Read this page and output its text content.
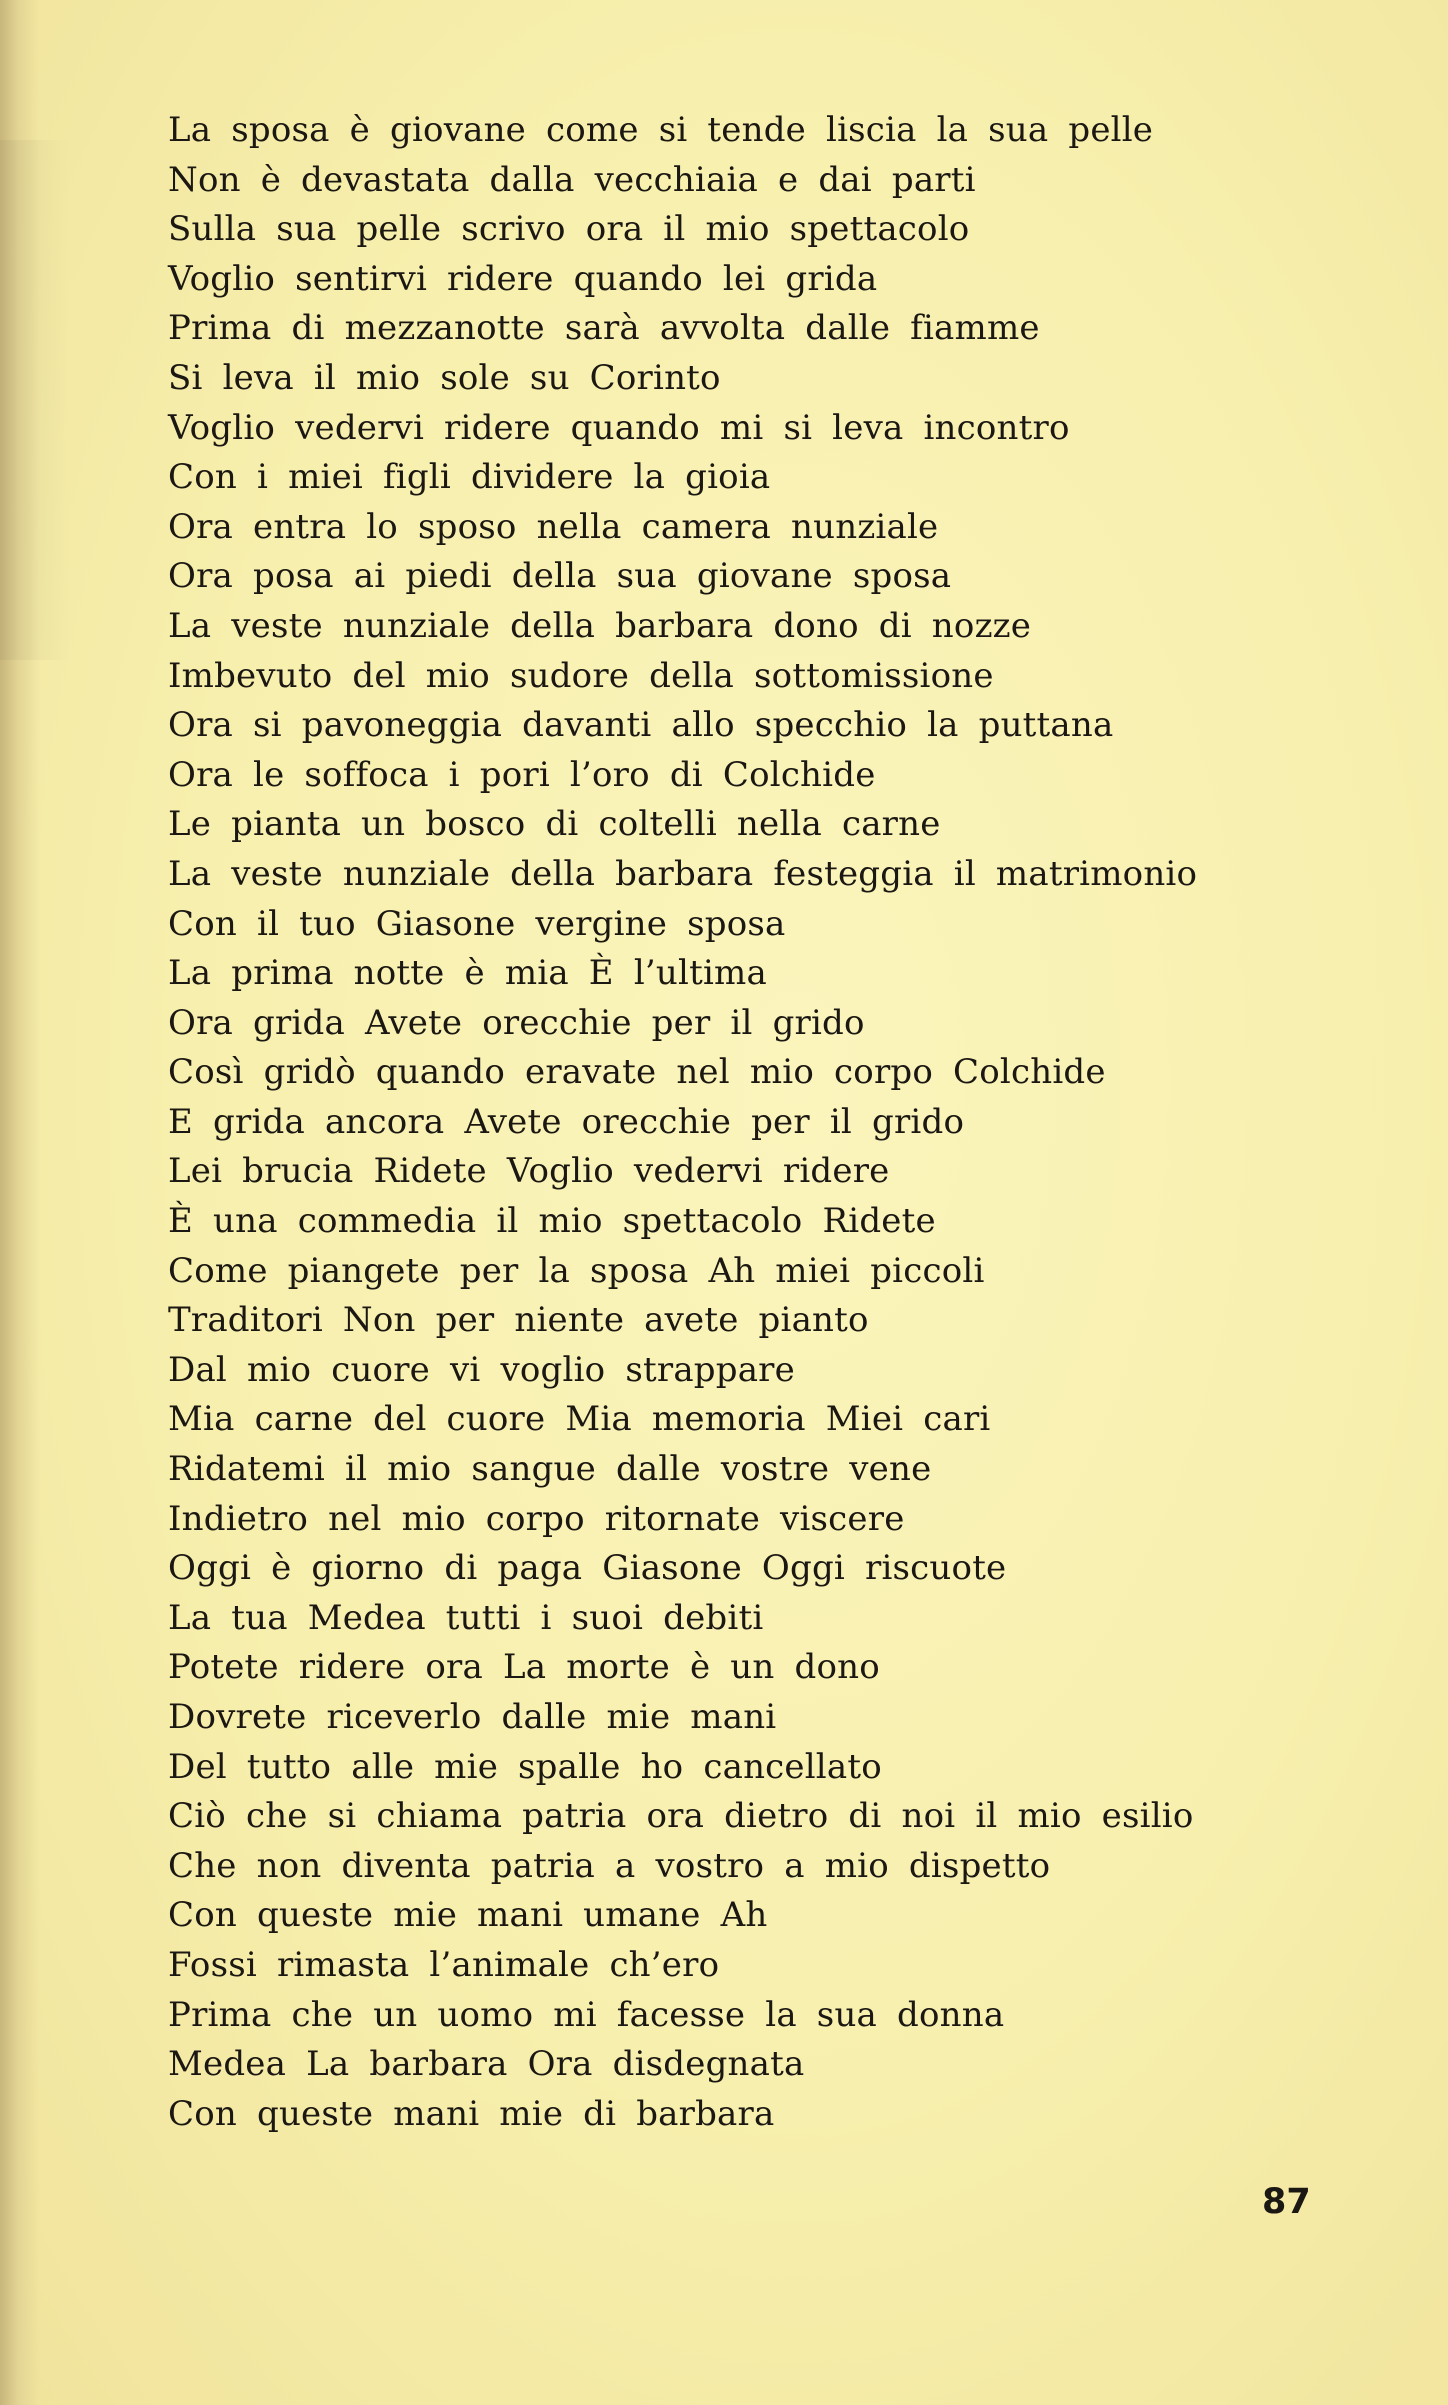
La sposa è giovane come si tende liscia la sua pelle
Non è devastata dalla vecchiaia e dai parti
Sulla sua pelle scrivo ora il mio spettacolo
Voglio sentirvi ridere quando lei grida
Prima di mezzanotte sarà avvolta dalle fiamme
Si leva il mio sole su Corinto
Voglio vedervi ridere quando mi si leva incontro
Con i miei figli dividere la gioia
Ora entra lo sposo nella camera nunziale
Ora posa ai piedi della sua giovane sposa
La veste nunziale della barbara dono di nozze
Imbevuto del mio sudore della sottomissione
Ora si pavoneggia davanti allo specchio la puttana
Ora le soffoca i pori l’oro di Colchide
Le pianta un bosco di coltelli nella carne
La veste nunziale della barbara festeggia il matrimonio
Con il tuo Giasone vergine sposa
La prima notte è mia È l’ultima
Ora grida Avete orecchie per il grido
Così gridò quando eravate nel mio corpo Colchide
E grida ancora Avete orecchie per il grido
Lei brucia Ridete Voglio vedervi ridere
È una commedia il mio spettacolo Ridete
Come piangete per la sposa Ah miei piccoli
Traditori Non per niente avete pianto
Dal mio cuore vi voglio strappare
Mia carne del cuore Mia memoria Miei cari
Ridatemi il mio sangue dalle vostre vene
Indietro nel mio corpo ritornate viscere
Oggi è giorno di paga Giasone Oggi riscuote
La tua Medea tutti i suoi debiti
Potete ridere ora La morte è un dono
Dovrete riceverlo dalle mie mani
Del tutto alle mie spalle ho cancellato
Ciò che si chiama patria ora dietro di noi il mio esilio
Che non diventa patria a vostro a mio dispetto
Con queste mie mani umane Ah
Fossi rimasta l’animale ch’ero
Prima che un uomo mi facesse la sua donna
Medea La barbara Ora disdegnata
Con queste mani mie di barbara
87
